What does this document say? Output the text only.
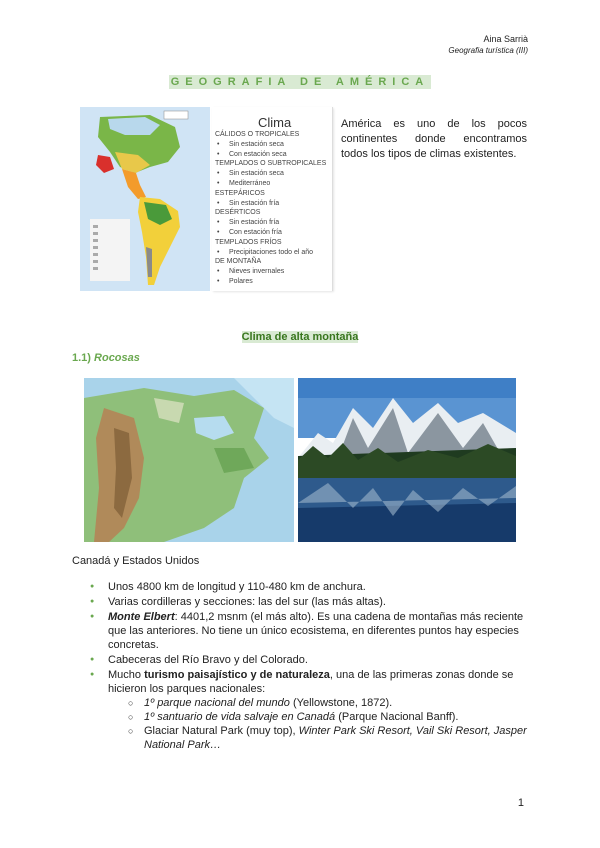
Aina Sarrià
Geografia turística (III)
GEOGRAFIA DE AMÉRICA
Clima
CÁLIDOS O TROPICALES
• Sin estación seca
• Con estación seca
TEMPLADOS O SUBTROPICALES
• Sin estación seca
• Mediterráneo
ESTEPÁRICOS
• Sin estación fría
DESÉRTICOS
• Sin estación fría
• Con estación fría
TEMPLADOS FRÍOS
• Precipitaciones todo el año
DE MONTAÑA
• Nieves invernales
• Polares
América es uno de los pocos continentes donde encontramos todos los tipos de climas existentes.
Clima de alta montaña
1.1) Rocosas
Canadá y Estados Unidos
● Unos 4800 km de longitud y 110-480 km de anchura.
● Varias cordilleras y secciones: las del sur (las más altas).
● Monte Elbert: 4401,2 msnm (el más alto). Es una cadena de montañas más reciente que las anteriores. No tiene un único ecosistema, en diferentes puntos hay especies concretas.
● Cabeceras del Río Bravo y del Colorado.
● Mucho turismo paisajístico y de naturaleza, una de las primeras zonas donde se hicieron los parques nacionales:
○ 1º parque nacional del mundo (Yellowstone, 1872).
○ 1º santuario de vida salvaje en Canadá (Parque Nacional Banff).
○ Glaciar Natural Park (muy top), Winter Park Ski Resort, Vail Ski Resort, Jasper National Park…
1
